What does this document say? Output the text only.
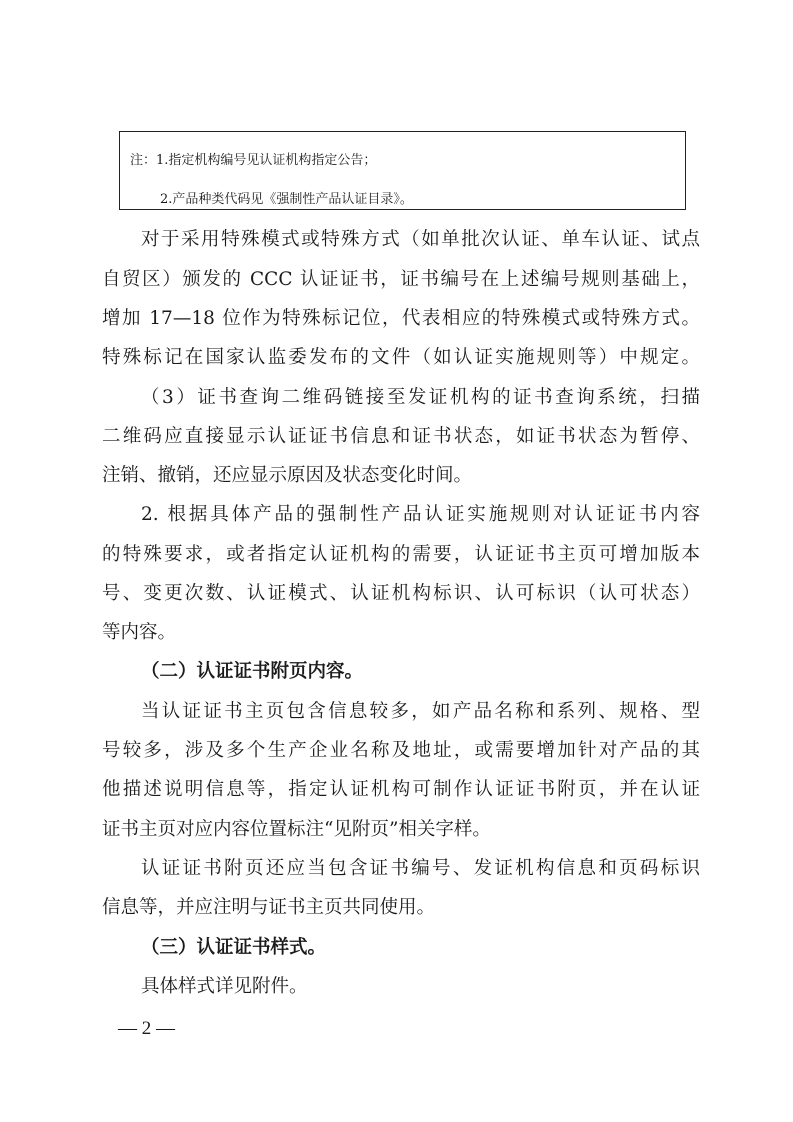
注：1.指定机构编号见认证机构指定公告；
2.产品种类代码见《强制性产品认证目录》。
对于采用特殊模式或特殊方式（如单批次认证、单车认证、试点
自贸区）颁发的 CCC 认证证书，证书编号在上述编号规则基础上，
增加 17—18 位作为特殊标记位，代表相应的特殊模式或特殊方式。
特殊标记在国家认监委发布的文件（如认证实施规则等）中规定。
（3）证书查询二维码链接至发证机构的证书查询系统，扫描
二维码应直接显示认证证书信息和证书状态，如证书状态为暂停、
注销、撤销，还应显示原因及状态变化时间。
2. 根据具体产品的强制性产品认证实施规则对认证证书内容
的特殊要求，或者指定认证机构的需要，认证证书主页可增加版本
号、变更次数、认证模式、认证机构标识、认可标识（认可状态）
等内容。
（二）认证证书附页内容。
当认证证书主页包含信息较多，如产品名称和系列、规格、型
号较多，涉及多个生产企业名称及地址，或需要增加针对产品的其
他描述说明信息等，指定认证机构可制作认证证书附页，并在认证
证书主页对应内容位置标注“见附页”相关字样。
认证证书附页还应当包含证书编号、发证机构信息和页码标识
信息等，并应注明与证书主页共同使用。
（三）认证证书样式。
具体样式详见附件。
— 2 —
